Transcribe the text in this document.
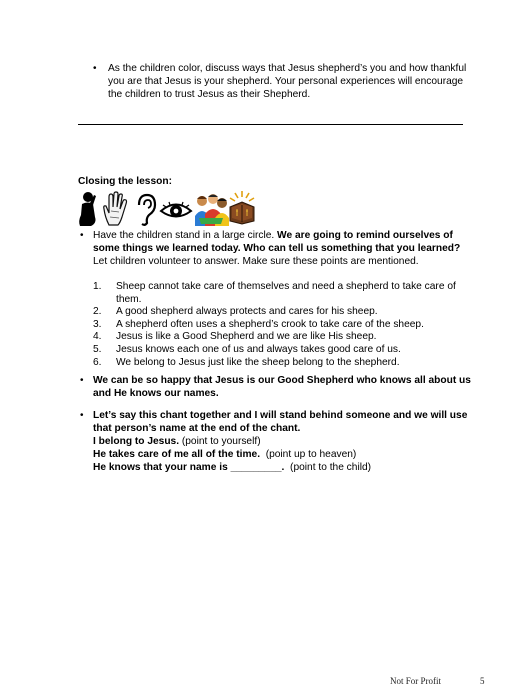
• As the children color, discuss ways that Jesus shepherd’s you and how thankful
you are that Jesus is your shepherd. Your personal experiences will encourage
the children to trust Jesus as their Shepherd.
Closing the lesson:
• Have the children stand in a large circle. We are going to remind ourselves of
some things we learned today. Who can tell us something that you learned?
Let children volunteer to answer. Make sure these points are mentioned.
1.	Sheep cannot take care of themselves and need a shepherd to take care of
them.
2.	A good shepherd always protects and cares for his sheep.
3.	A shepherd often uses a shepherd’s crook to take care of the sheep.
4.	Jesus is like a Good Shepherd and we are like His sheep.
5.	Jesus knows each one of us and always takes good care of us.
6.	We belong to Jesus just like the sheep belong to the shepherd.
• We can be so happy that Jesus is our Good Shepherd who knows all about us
and He knows our names.
• Let’s say this chant together and I will stand behind someone and we will use
that person’s name at the end of the chant.
I belong to Jesus. (point to yourself)
He takes care of me all of the time.  (point up to heaven)
He knows that your name is _________.  (point to the child)
Not For Profit	5
